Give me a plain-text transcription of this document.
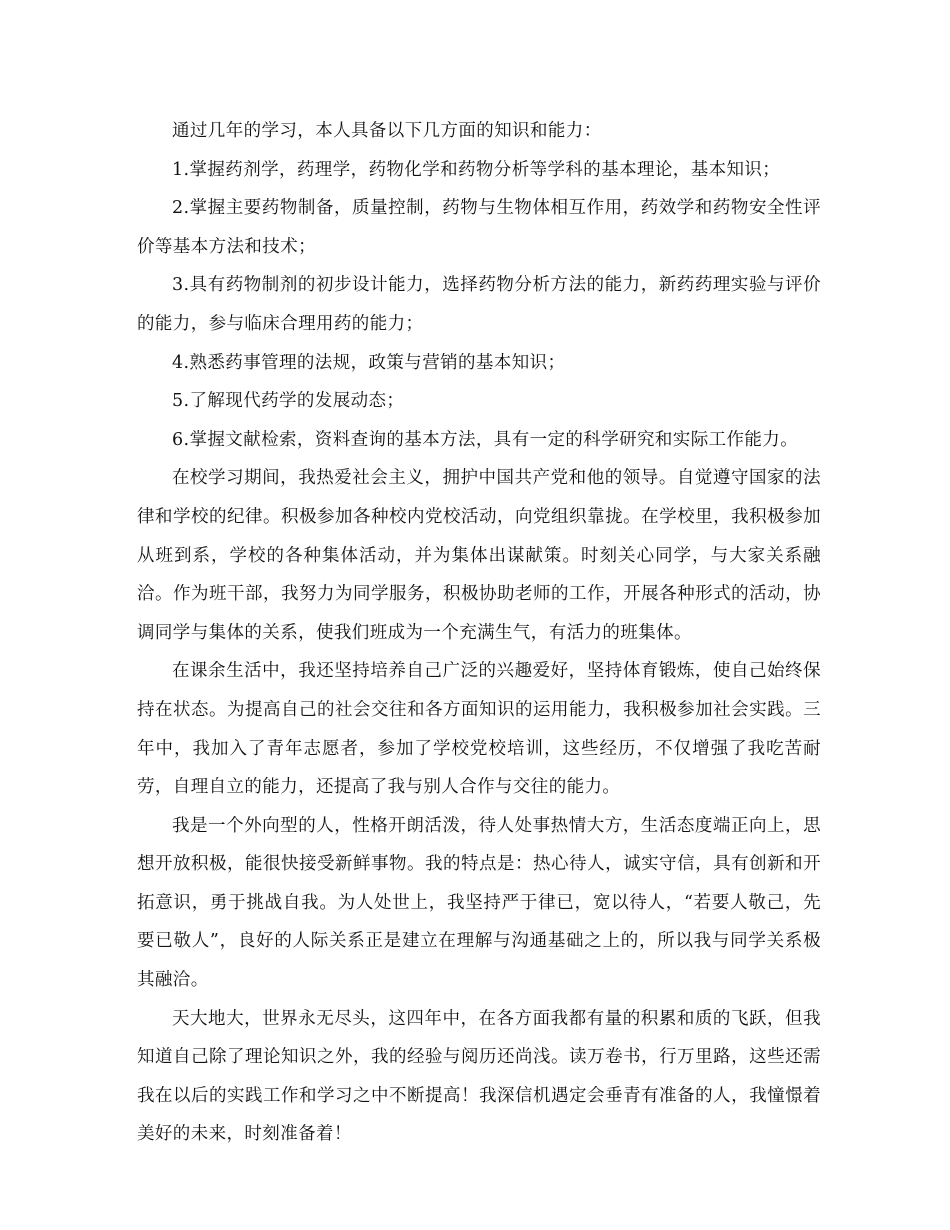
通过几年的学习，本人具备以下几方面的知识和能力：

1.掌握药剂学，药理学，药物化学和药物分析等学科的基本理论，基本知识；

2.掌握主要药物制备，质量控制，药物与生物体相互作用，药效学和药物安全性评价等基本方法和技术；

3.具有药物制剂的初步设计能力，选择药物分析方法的能力，新药药理实验与评价的能力，参与临床合理用药的能力；

4.熟悉药事管理的法规，政策与营销的基本知识；

5.了解现代药学的发展动态；

6.掌握文献检索，资料查询的基本方法，具有一定的科学研究和实际工作能力。

在校学习期间，我热爱社会主义，拥护中国共产党和他的领导。自觉遵守国家的法律和学校的纪律。积极参加各种校内党校活动，向党组织靠拢。在学校里，我积极参加从班到系，学校的各种集体活动，并为集体出谋献策。时刻关心同学，与大家关系融洽。作为班干部，我努力为同学服务，积极协助老师的工作，开展各种形式的活动，协调同学与集体的关系，使我们班成为一个充满生气，有活力的班集体。

在课余生活中，我还坚持培养自己广泛的兴趣爱好，坚持体育锻炼，使自己始终保持在状态。为提高自己的社会交往和各方面知识的运用能力，我积极参加社会实践。三年中，我加入了青年志愿者，参加了学校党校培训，这些经历，不仅增强了我吃苦耐劳，自理自立的能力，还提高了我与别人合作与交往的能力。

我是一个外向型的人，性格开朗活泼，待人处事热情大方，生活态度端正向上，思想开放积极，能很快接受新鲜事物。我的特点是：热心待人，诚实守信，具有创新和开拓意识，勇于挑战自我。为人处世上，我坚持严于律已，宽以待人，“若要人敬己，先要已敬人”，良好的人际关系正是建立在理解与沟通基础之上的，所以我与同学关系极其融洽。

天大地大，世界永无尽头，这四年中，在各方面我都有量的积累和质的飞跃，但我知道自己除了理论知识之外，我的经验与阅历还尚浅。读万卷书，行万里路，这些还需我在以后的实践工作和学习之中不断提高！我深信机遇定会垂青有准备的人，我憧憬着美好的未来，时刻准备着！
